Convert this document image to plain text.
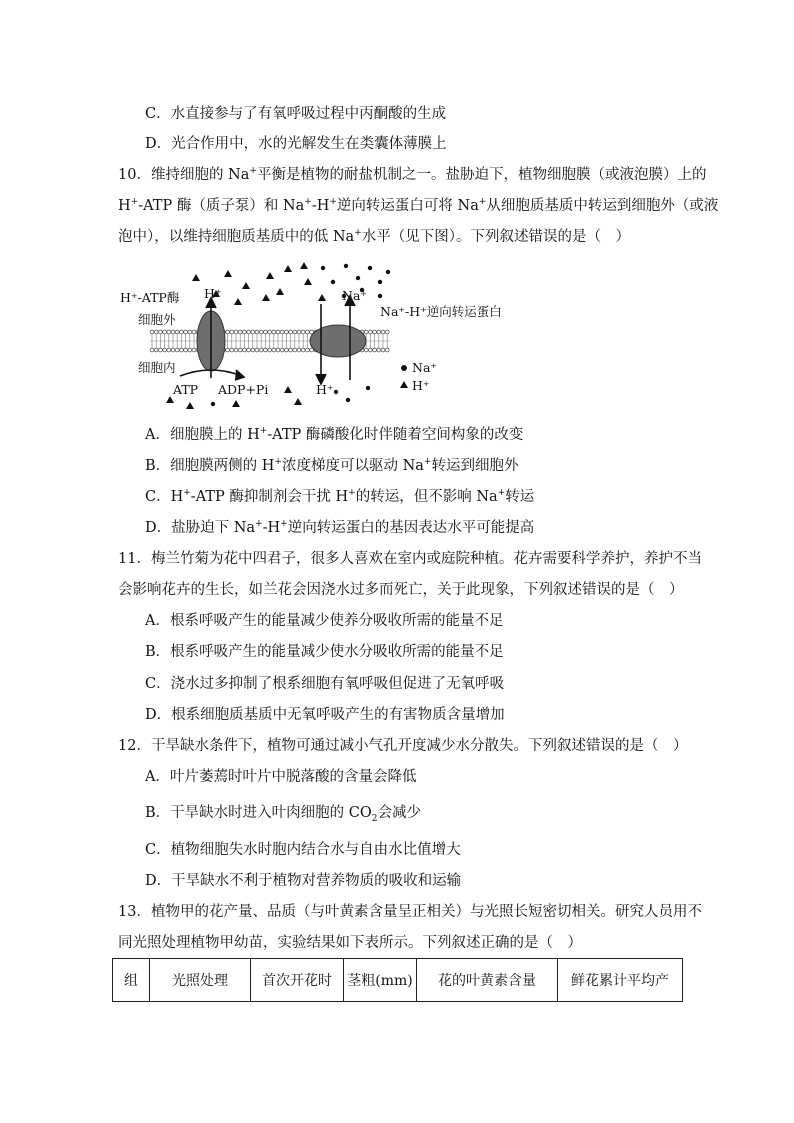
C．水直接参与了有氧呼吸过程中丙酮酸的生成
D．光合作用中，水的光解发生在类囊体薄膜上
10．维持细胞的 Na+平衡是植物的耐盐机制之一。盐胁迫下，植物细胞膜（或液泡膜）上的
H+-ATP 酶（质子泵）和 Na+-H+逆向转运蛋白可将 Na+从细胞质基质中转运到细胞外（或液
泡中），以维持细胞质基质中的低 Na+水平（见下图）。下列叙述错误的是（　）
H⁺-ATP酶
细胞外
细胞内
H⁺	Na⁺
Na⁺-H⁺逆向转运蛋白
ATP ADP+Pi	H⁺
Na⁺
H⁺
A．细胞膜上的 H+-ATP 酶磷酸化时伴随着空间构象的改变
B．细胞膜两侧的 H+浓度梯度可以驱动 Na+转运到细胞外
C．H+-ATP 酶抑制剂会干扰 H+的转运，但不影响 Na+转运
D．盐胁迫下 Na+-H+逆向转运蛋白的基因表达水平可能提高
11．梅兰竹菊为花中四君子，很多人喜欢在室内或庭院种植。花卉需要科学养护，养护不当
会影响花卉的生长，如兰花会因浇水过多而死亡，关于此现象，下列叙述错误的是（　）
A．根系呼吸产生的能量减少使养分吸收所需的能量不足
B．根系呼吸产生的能量减少使水分吸收所需的能量不足
C．浇水过多抑制了根系细胞有氧呼吸但促进了无氧呼吸
D．根系细胞质基质中无氧呼吸产生的有害物质含量增加
12．干旱缺水条件下，植物可通过减小气孔开度减少水分散失。下列叙述错误的是（　）
A．叶片萎蔫时叶片中脱落酸的含量会降低
B．干旱缺水时进入叶肉细胞的 $CO_2$会减少
C．植物细胞失水时胞内结合水与自由水比值增大
D．干旱缺水不利于植物对营养物质的吸收和运输
13．植物甲的花产量、品质（与叶黄素含量呈正相关）与光照长短密切相关。研究人员用不
同光照处理植物甲幼苗，实验结果如下表所示。下列叙述正确的是（　）
组	光照处理	首次开花时	茎粗(mm)	花的叶黄素含量	鲜花累计平均产
